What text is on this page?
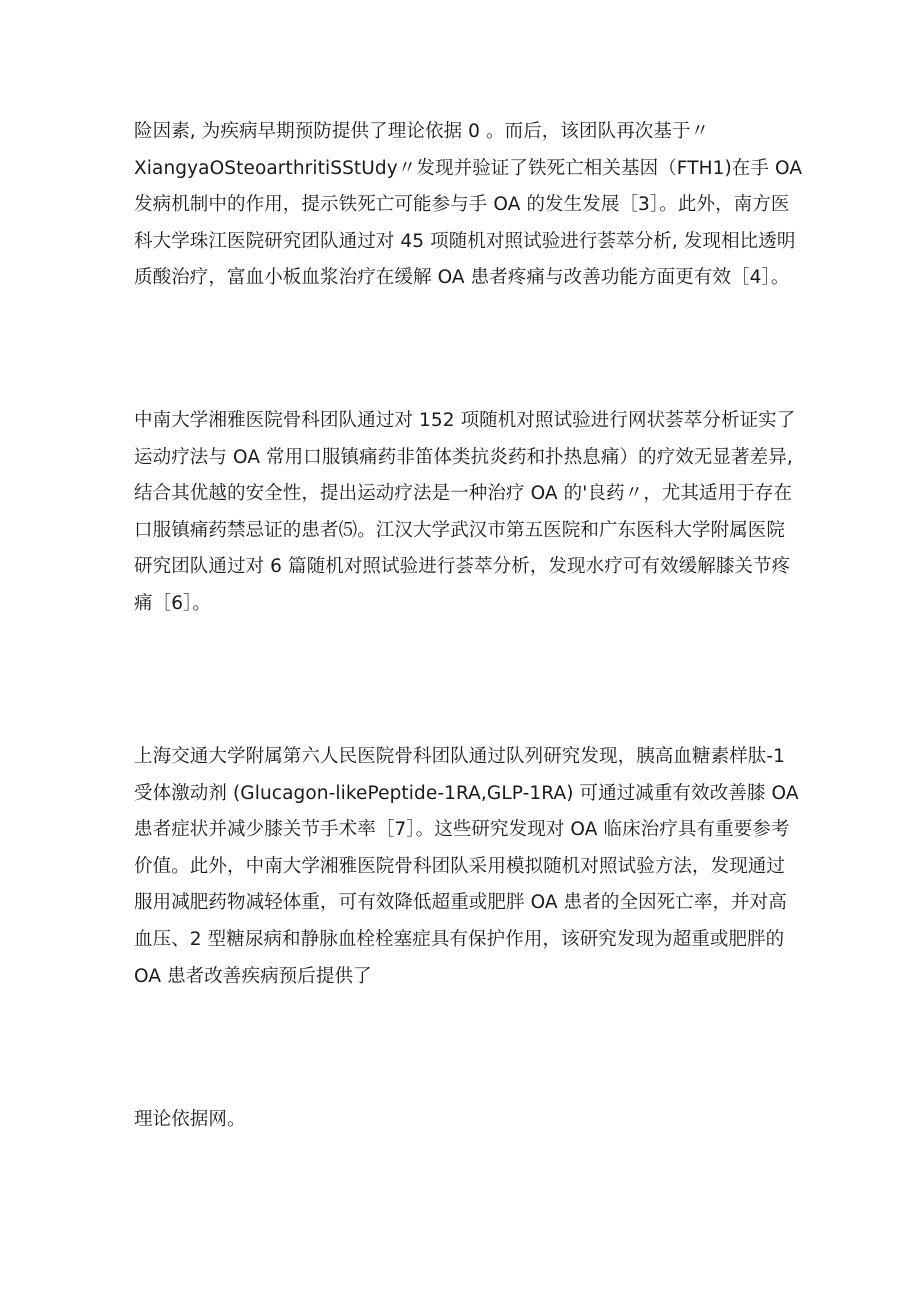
险因素, 为疾病早期预防提供了理论依据 0 。而后，该团队再次基于〃
XiangyaOSteoarthritiSStUdy〃发现并验证了铁死亡相关基因（FTH1)在手 OA
发病机制中的作用，提示铁死亡可能参与手 OA 的发生发展［3］。此外，南方医
科大学珠江医院研究团队通过对 45 项随机对照试验进行荟萃分析, 发现相比透明
质酸治疗，富血小板血浆治疗在缓解 OA 患者疼痛与改善功能方面更有效［4］。
中南大学湘雅医院骨科团队通过对 152 项随机对照试验进行网状荟萃分析证实了
运动疗法与 OA 常用口服镇痛药非笛体类抗炎药和扑热息痛）的疗效无显著差异,
结合其优越的安全性，提出运动疗法是一种治疗 OA 的'良药〃，尤其适用于存在
口服镇痛药禁忌证的患者⑸。江汉大学武汉市第五医院和广东医科大学附属医院
研究团队通过对 6 篇随机对照试验进行荟萃分析，发现水疗可有效缓解膝关节疼
痛［6］。
上海交通大学附属第六人民医院骨科团队通过队列研究发现，胰高血糖素样肽-1
受体激动剂 (Glucagon-likePeptide-1RA,GLP-1RA) 可通过减重有效改善膝 OA
患者症状并减少膝关节手术率［7］。这些研究发现对 OA 临床治疗具有重要参考
价值。此外，中南大学湘雅医院骨科团队采用模拟随机对照试验方法，发现通过
服用减肥药物减轻体重，可有效降低超重或肥胖 OA 患者的全因死亡率，并对高
血压、2 型糖尿病和静脉血栓栓塞症具有保护作用，该研究发现为超重或肥胖的
OA 患者改善疾病预后提供了
理论依据网。
